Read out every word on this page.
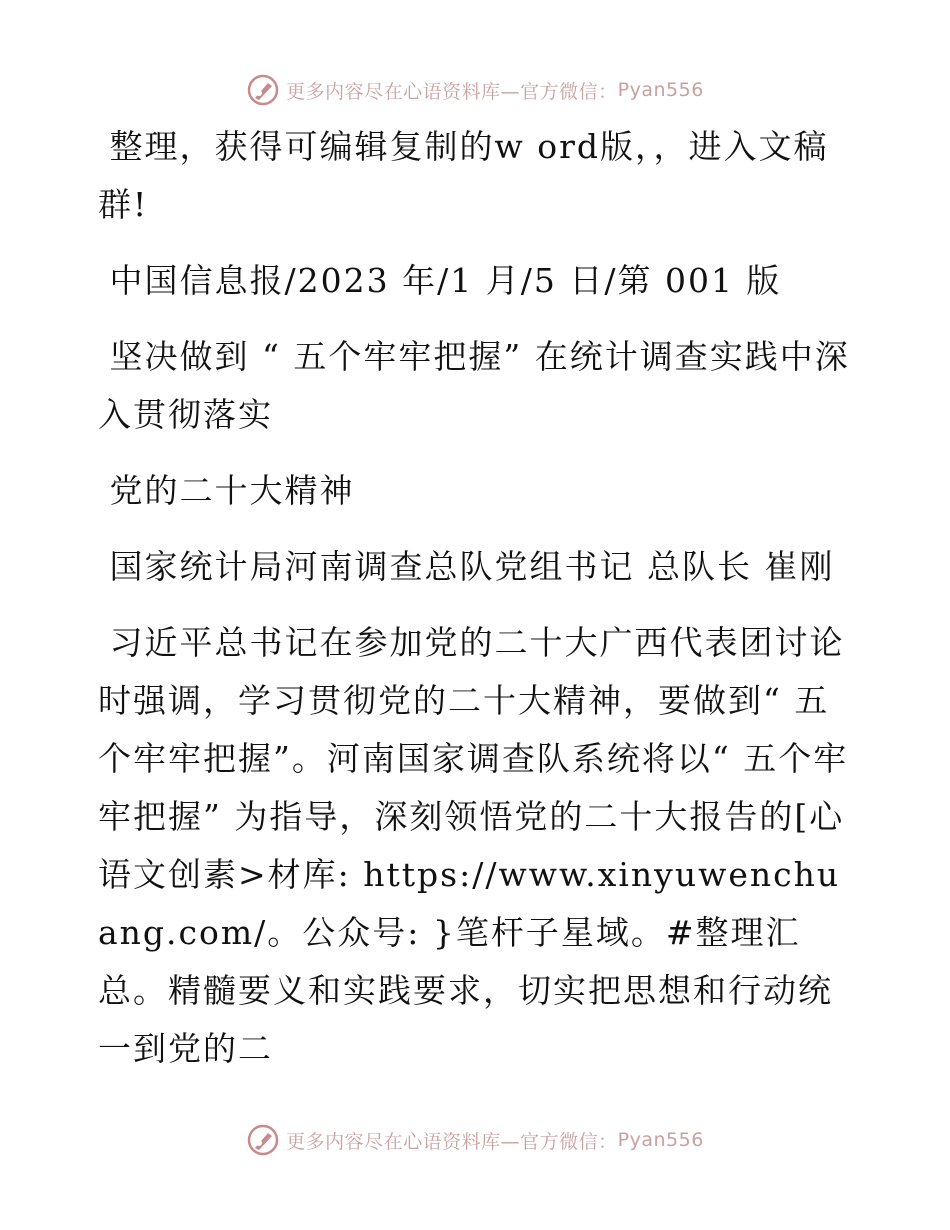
更多内容尽在心语资料库—官方微信： Pyan556

整理，获得可编辑复制的w ord版，，进入文稿群!

中国信息报/2023 年/1 月/5 日/第 001 版

坚决做到 “ 五个牢牢把握” 在统计调查实践中深入贯彻落实

党的二十大精神

国家统计局河南调查总队党组书记 总队长 崔刚

习近平总书记在参加党的二十大广西代表团讨论时强调，学习贯彻党的二十大精神，要做到“ 五个牢牢把握”。河南国家调查队系统将以“ 五个牢牢把握” 为指导，深刻领悟党的二十大报告的[心语文创素>材库: https://www.xinyuwenchuang.com/。公众号: }笔杆子星域。#整理汇总。精髓要义和实践要求，切实把思想和行动统一到党的二

更多内容尽在心语资料库—官方微信： Pyan556
